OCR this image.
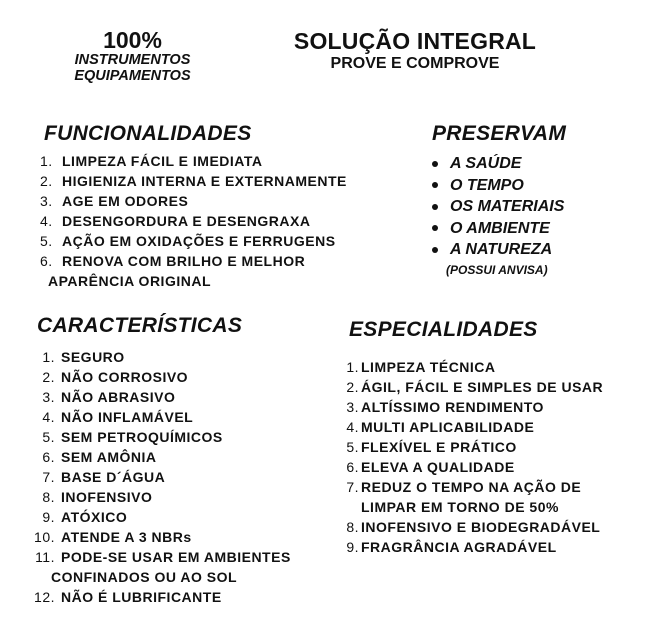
100%
INSTRUMENTOS
EQUIPAMENTOS
SOLUÇÃO INTEGRAL
PROVE E COMPROVE
FUNCIONALIDADES
1. LIMPEZA FÁCIL E IMEDIATA
2. HIGIENIZA INTERNA E EXTERNAMENTE
3. AGE EM ODORES
4. DESENGORDURA E DESENGRAXA
5. AÇÃO EM OXIDAÇÕES E FERRUGENS
6. RENOVA COM BRILHO E MELHOR
APARÊNCIA ORIGINAL
PRESERVAM
A SAÚDE
O TEMPO
OS MATERIAIS
O AMBIENTE
A NATUREZA
(POSSUI ANVISA)
CARACTERÍSTICAS
1. SEGURO
2. NÃO CORROSIVO
3. NÃO ABRASIVO
4. NÃO INFLAMÁVEL
5. SEM PETROQUÍMICOS
6. SEM AMÔNIA
7. BASE D´ÁGUA
8. INOFENSIVO
9. ATÓXICO
10. ATENDE A 3 NBRs
11. PODE-SE USAR EM AMBIENTES
CONFINADOS OU AO SOL
12. NÃO É LUBRIFICANTE
ESPECIALIDADES
1. LIMPEZA TÉCNICA
2. ÁGIL, FÁCIL E SIMPLES DE USAR
3. ALTÍSSIMO RENDIMENTO
4. MULTI APLICABILIDADE
5. FLEXÍVEL E PRÁTICO
6. ELEVA A QUALIDADE
7. REDUZ O TEMPO NA AÇÃO DE
LIMPAR EM TORNO DE 50%
8. INOFENSIVO E BIODEGRADÁVEL
9. FRAGRÂNCIA AGRADÁVEL
